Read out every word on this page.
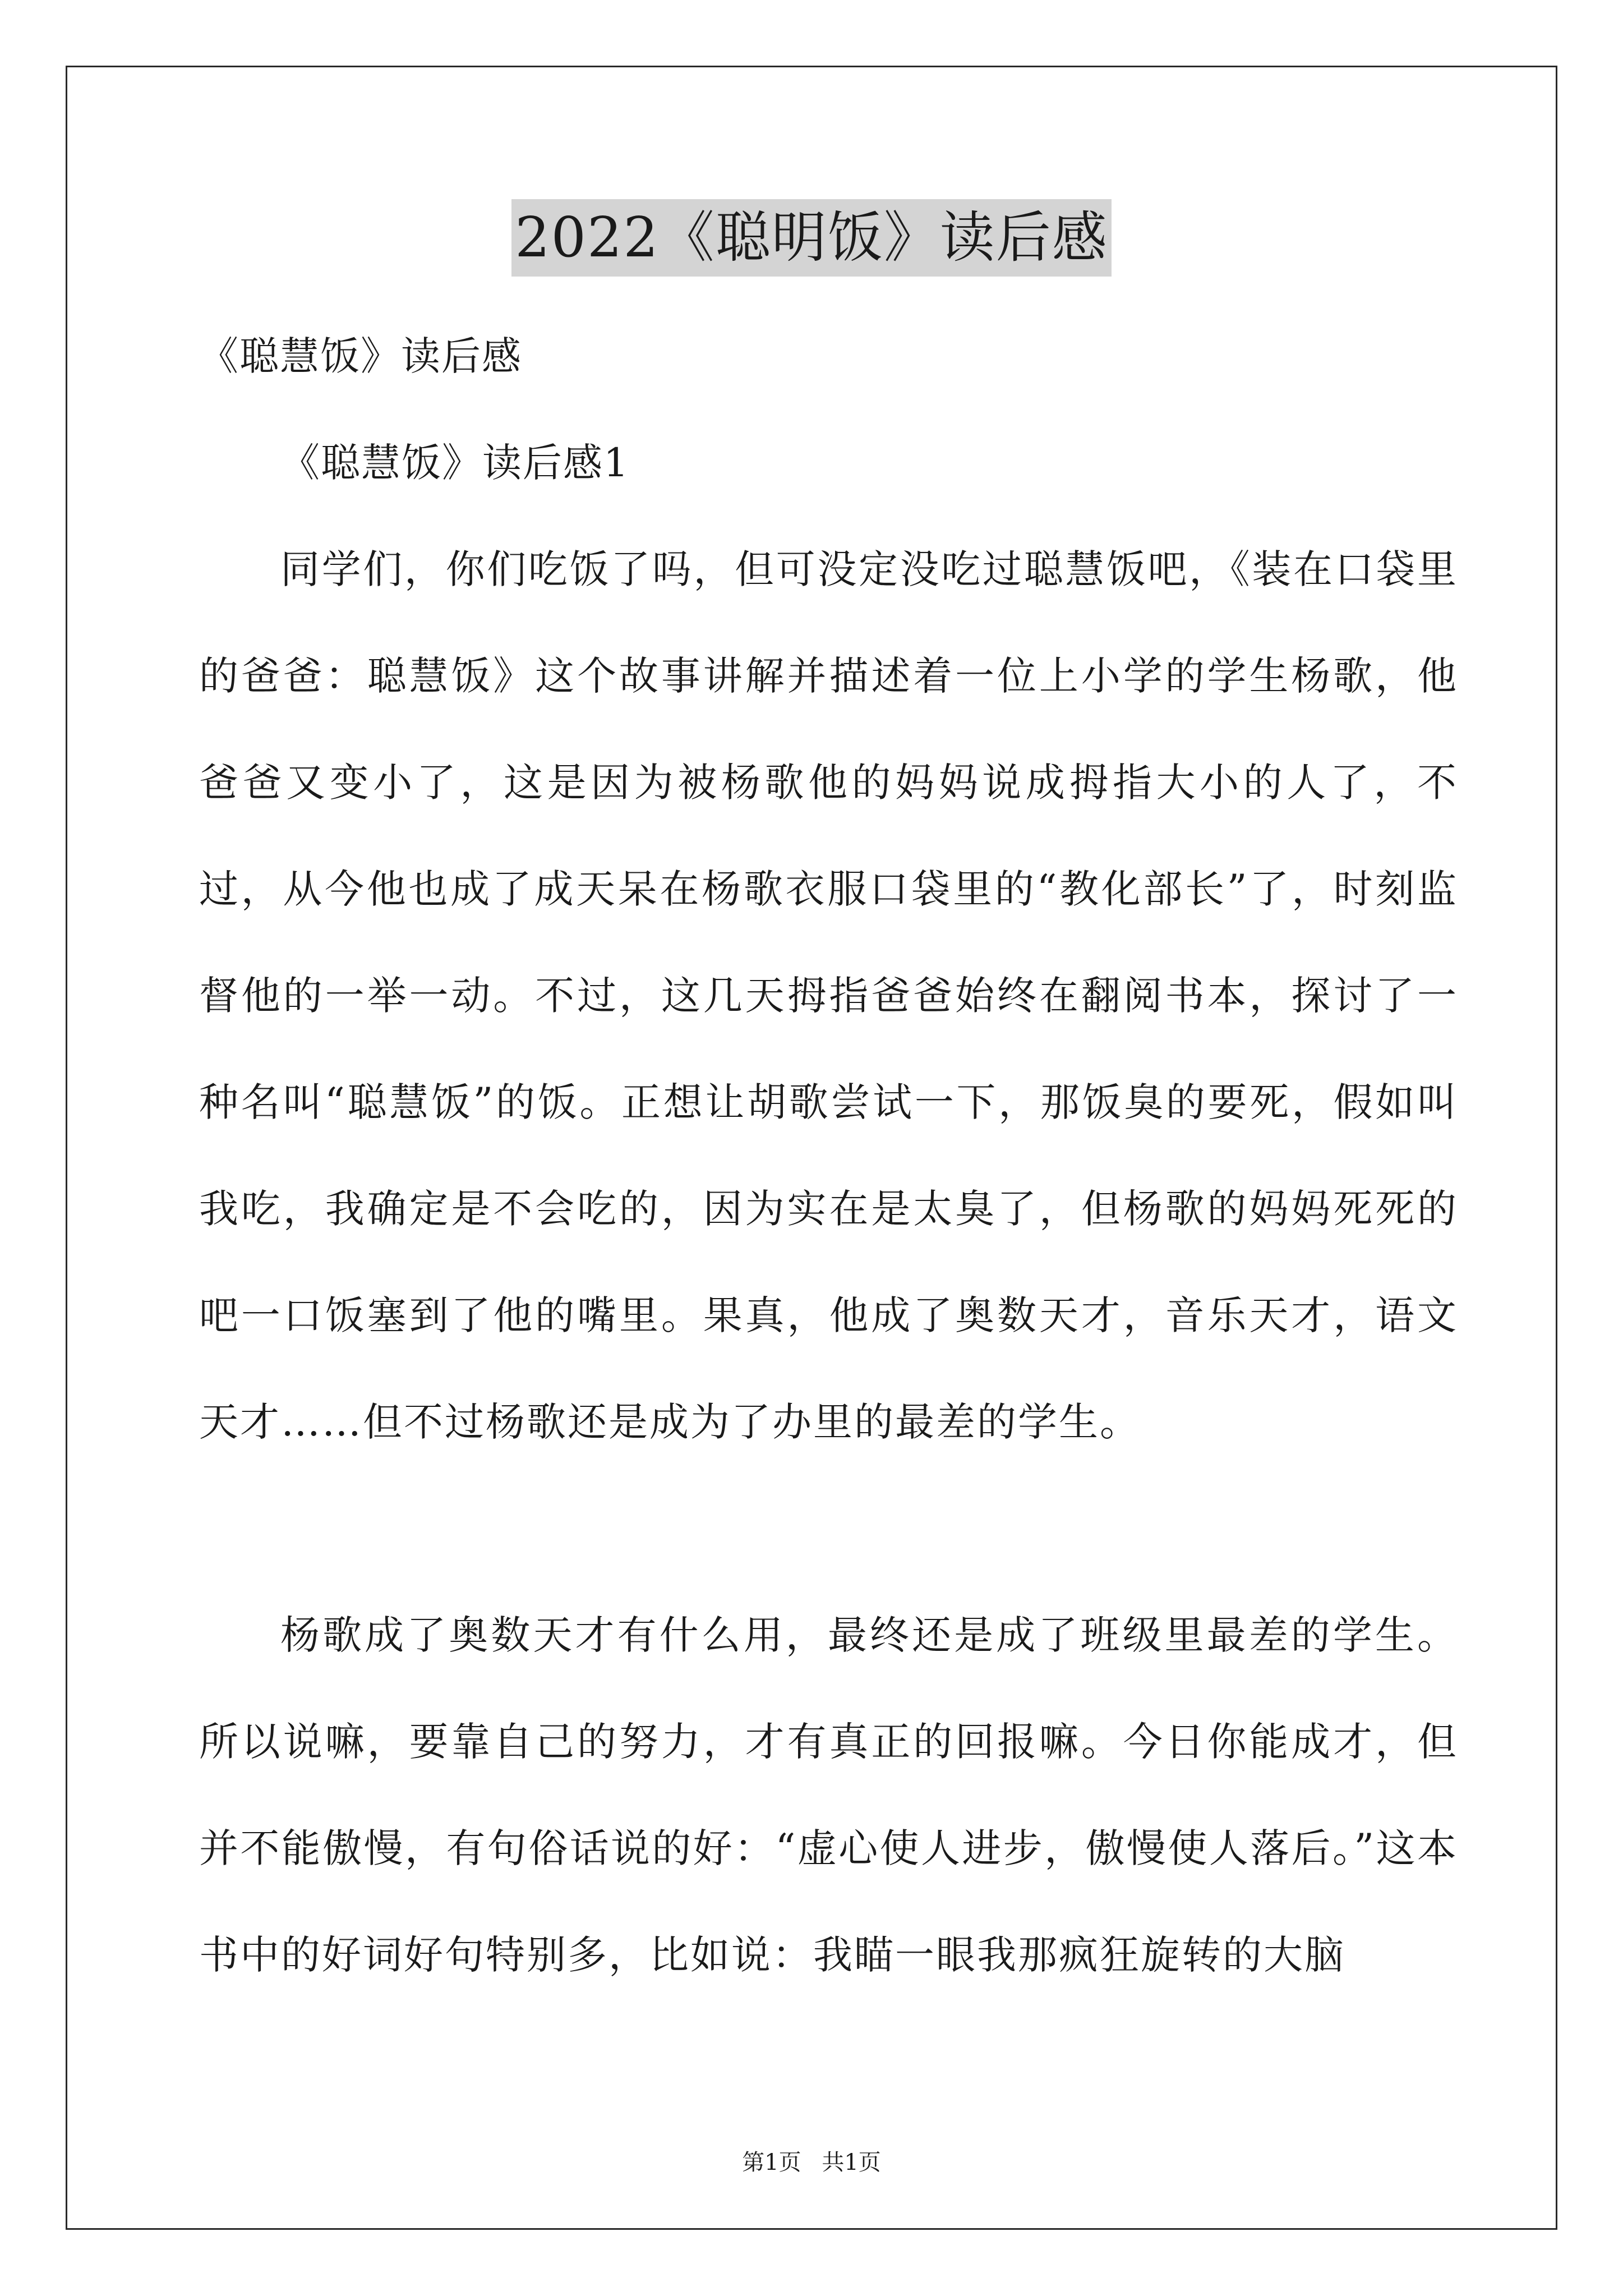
2022《聪明饭》读后感

《聪慧饭》读后感

《聪慧饭》读后感1

同学们，你们吃饭了吗，但可没定没吃过聪慧饭吧，《装在口袋里的爸爸：聪慧饭》这个故事讲解并描述着一位上小学的学生杨歌，他爸爸又变小了，这是因为被杨歌他的妈妈说成拇指大小的人了，不过，从今他也成了成天呆在杨歌衣服口袋里的“教化部长”了，时刻监督他的一举一动。不过，这几天拇指爸爸始终在翻阅书本，探讨了一种名叫“聪慧饭”的饭。正想让胡歌尝试一下，那饭臭的要死，假如叫我吃，我确定是不会吃的，因为实在是太臭了，但杨歌的妈妈死死的吧一口饭塞到了他的嘴里。果真，他成了奥数天才，音乐天才，语文天才……但不过杨歌还是成为了办里的最差的学生。

杨歌成了奥数天才有什么用，最终还是成了班级里最差的学生。所以说嘛，要靠自己的努力，才有真正的回报嘛。今日你能成才，但并不能傲慢，有句俗话说的好：“虚心使人进步，傲慢使人落后。”这本书中的好词好句特别多，比如说：我瞄一眼我那疯狂旋转的大脑

第1页 共1页
